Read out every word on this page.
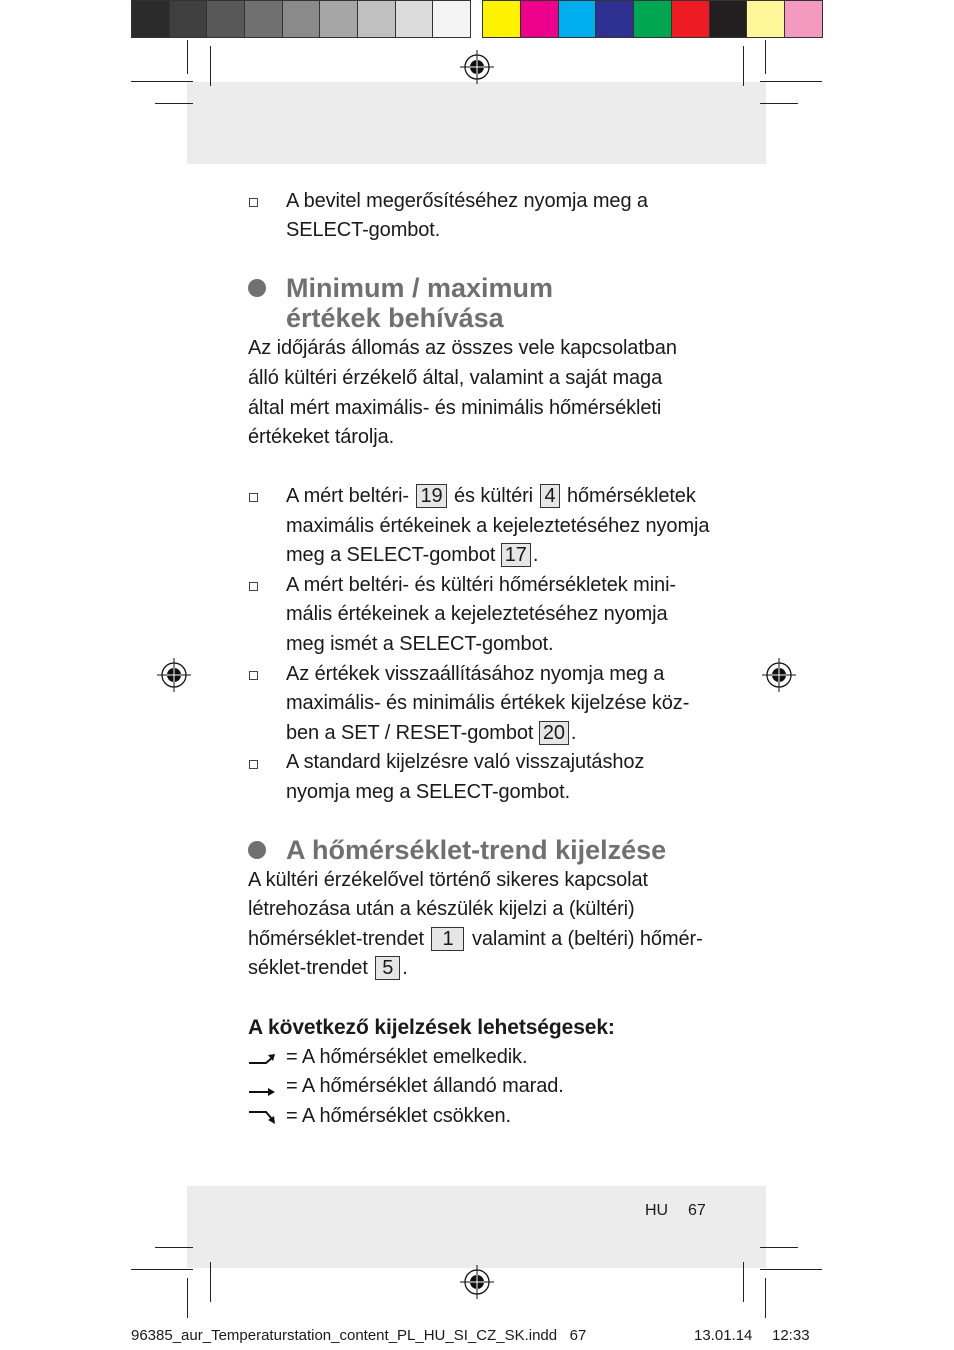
A bevitel megerősítéséhez nyomja meg a
SELECT-gombot.
Minimum / maximum
értékek behívása
Az időjárás állomás az összes vele kapcsolatban
álló kültéri érzékelő által, valamint a saját maga
által mért maximális- és minimális hőmérsékleti
értékeket tárolja.
A mért beltéri- 19 és kültéri 4 hőmérsékletek
maximális értékeinek a kejeleztetéséhez nyomja
meg a SELECT-gombot 17 .
A mért beltéri- és kültéri hőmérsékletek mini-
mális értékeinek a kejeleztetéséhez nyomja
meg ismét a SELECT-gombot.
Az értékek visszaállításához nyomja meg a
maximális- és minimális értékek kijelzése köz-
ben a SET / RESET-gombot 20 .
A standard kijelzésre való visszajutáshoz
nyomja meg a SELECT-gombot.
A hőmérséklet-trend kijelzése
A kültéri érzékelővel történő sikeres kapcsolat
létrehozása után a készülék kijelzi a (kültéri)
hőmérséklet-trendet 1 valamint a (beltéri) hőmér-
séklet-trendet 5 .
A következő kijelzések lehetségesek:
= A hőmérséklet emelkedik.
= A hőmérséklet állandó marad.
= A hőmérséklet csökken.
HU 67
96385_aur_Temperaturstation_content_PL_HU_SI_CZ_SK.indd   67	13.01.14 12:33
